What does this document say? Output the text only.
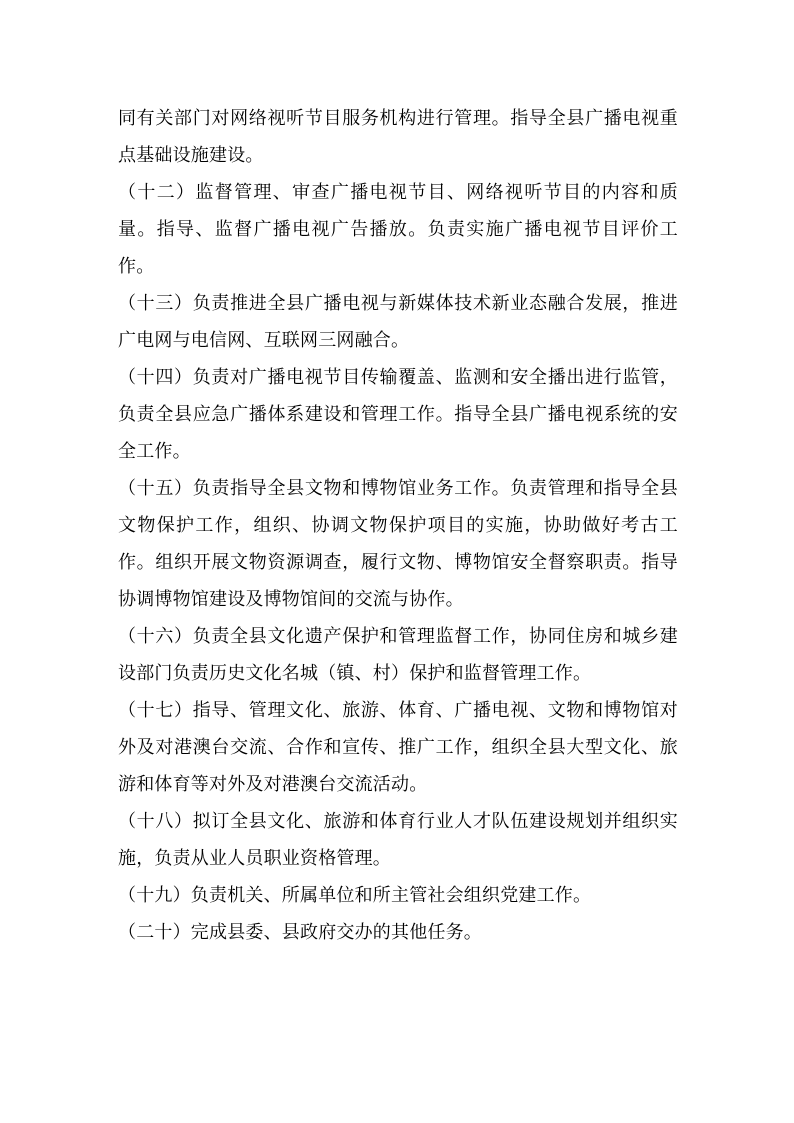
同有关部门对网络视听节目服务机构进行管理。指导全县广播电视重点基础设施建设。

（十二）监督管理、审查广播电视节目、网络视听节目的内容和质量。指导、监督广播电视广告播放。负责实施广播电视节目评价工作。

（十三）负责推进全县广播电视与新媒体技术新业态融合发展，推进广电网与电信网、互联网三网融合。

（十四）负责对广播电视节目传输覆盖、监测和安全播出进行监管，负责全县应急广播体系建设和管理工作。指导全县广播电视系统的安全工作。

（十五）负责指导全县文物和博物馆业务工作。负责管理和指导全县文物保护工作，组织、协调文物保护项目的实施，协助做好考古工作。组织开展文物资源调查，履行文物、博物馆安全督察职责。指导协调博物馆建设及博物馆间的交流与协作。

（十六）负责全县文化遗产保护和管理监督工作，协同住房和城乡建设部门负责历史文化名城（镇、村）保护和监督管理工作。

（十七）指导、管理文化、旅游、体育、广播电视、文物和博物馆对外及对港澳台交流、合作和宣传、推广工作，组织全县大型文化、旅游和体育等对外及对港澳台交流活动。

（十八）拟订全县文化、旅游和体育行业人才队伍建设规划并组织实施，负责从业人员职业资格管理。

（十九）负责机关、所属单位和所主管社会组织党建工作。

（二十）完成县委、县政府交办的其他任务。
